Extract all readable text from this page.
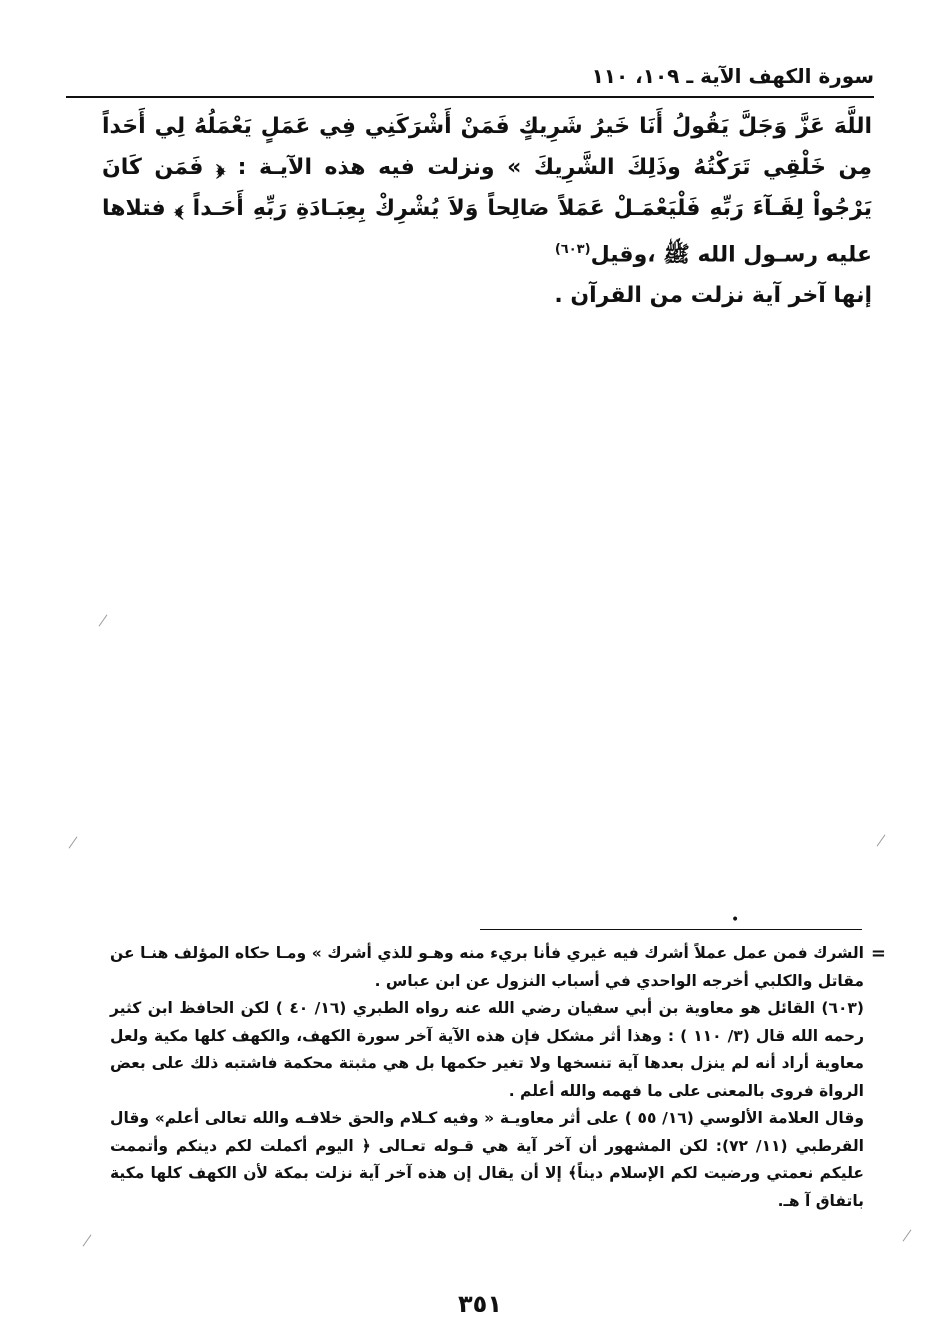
سورة الكهف الآية ـ ١٠٩، ١١٠
اللَّهَ عَزَّ وَجَلَّ يَقُولُ أَنَا خَيرُ شَرِيكٍ فَمَنْ أَشْرَكَنِي فِي عَمَلٍ يَعْمَلُهُ لِي أَحَداً مِن خَلْقِي تَرَكْتُهُ وذَلِكَ الشَّرِيكَ » ونزلت فيه هذه الآيـة : ﴿ فَمَن كَانَ يَرْجُواْ لِقَـآءَ رَبِّهِ فَلْيَعْمَـلْ عَمَلاً صَالِحاً وَلاَ يُشْرِكْ بِعِبَـادَةِ رَبِّهِ أَحَـداً ﴾ فتلاها عليه رسـول الله ﷺ ،وقيل$^{(٦٠٣)}$
إنها آخر آية نزلت من القرآن .
•
=

الشرك فمن عمل عملاً أشرك فيه غيري فأنا بريء منه وهـو للذي أشرك » ومـا حكاه المؤلف هنـا عن مقاتل والكلبي أخرجه الواحدي في أسباب النزول عن ابن عباس .

(٦٠٣) القائل هو معاوية بن أبي سفيان رضي الله عنه رواه الطبري (١٦/ ٤٠ ) لكن الحافظ ابن كثير رحمه الله قال (٣/ ١١٠ ) : وهذا أثر مشكل فإن هذه الآية آخر سورة الكهف، والكهف كلها مكية ولعل معاوية أراد أنه لم ينزل بعدها آية تنسخها ولا تغير حكمها بل هي مثبتة محكمة فاشتبه ذلك على بعض الرواة فروى بالمعنى على ما فهمه والله أعلم .

وقال العلامة الألوسي (١٦/ ٥٥ ) على أثر معاويـة « وفيه كـلام والحق خلافـه والله تعالى أعلم» وقال القرطبي (١١/ ٧٢): لكن المشهور أن آخر آية هي قـوله تعـالى ﴿ اليوم أكملت لكم دينكم وأتممت عليكم نعمتي ورضيت لكم الإسلام ديناً﴾ إلا أن يقال إن هذه آخر آية نزلت بمكة لأن الكهف كلها مكية باتفاق آ هـ.

٣٥١
